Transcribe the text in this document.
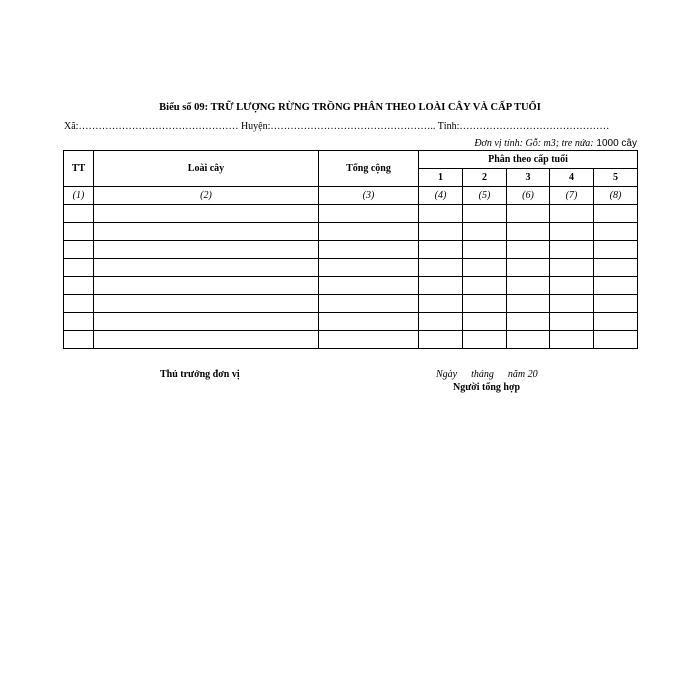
Biểu số 09: TRỮ LƯỢNG RỪNG TRỒNG PHÂN THEO LOÀI CÂY VÀ CẤP TUỔI
Xã:………………………………………… Huyện:………………………………………….. Tỉnh:………………………………………
Đơn vị tính: Gỗ: m3; tre nứa: 1000 cây
TT	Loài cây	Tổng cộng	Phân theo cấp tuổi				
			1	2	3	4	5
(1)	(2)	(3)	(4)	(5)	(6)	(7)	(8)

Thủ trưởng đơn vị	Ngày tháng năm 20
Người tổng hợp
